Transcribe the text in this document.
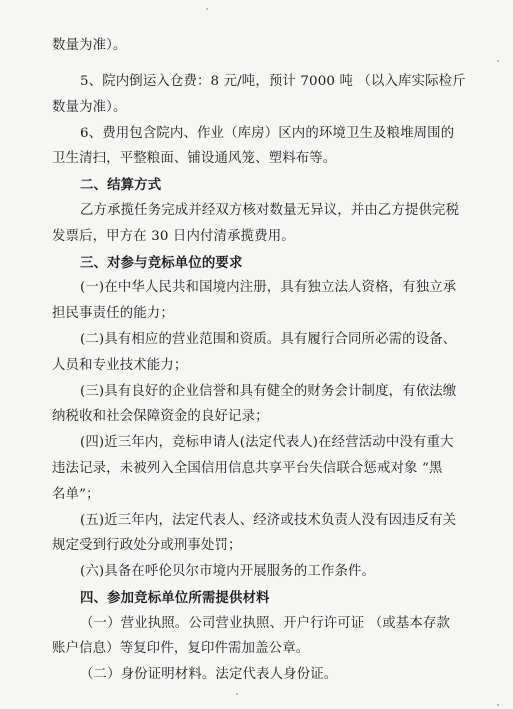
数量为准）。
5、院内倒运入仓费：8 元/吨，预计 7000 吨 （以入库实际检斤
数量为准）。
6、费用包含院内、作业（库房）区内的环境卫生及粮堆周围的
卫生清扫，平整粮面、铺设通风笼、塑料布等。
二、结算方式
乙方承揽任务完成并经双方核对数量无异议，并由乙方提供完税
发票后，甲方在 30 日内付清承揽费用。
三、对参与竞标单位的要求
(一)在中华人民共和国境内注册，具有独立法人资格，有独立承
担民事责任的能力；
(二)具有相应的营业范围和资质。具有履行合同所必需的设备、
人员和专业技术能力；
(三)具有良好的企业信誉和具有健全的财务会计制度，有依法缴
纳税收和社会保障资金的良好记录；
(四)近三年内，竞标申请人(法定代表人)在经营活动中没有重大
违法记录，未被列入全国信用信息共享平台失信联合惩戒对象 “黑
名单”；
(五)近三年内，法定代表人、经济或技术负责人没有因违反有关
规定受到行政处分或刑事处罚；
(六)具备在呼伦贝尔市境内开展服务的工作条件。
四、参加竞标单位所需提供材料
（一）营业执照。公司营业执照、开户行许可证 （或基本存款
账户信息）等复印件，复印件需加盖公章。
（二）身份证明材料。法定代表人身份证。
